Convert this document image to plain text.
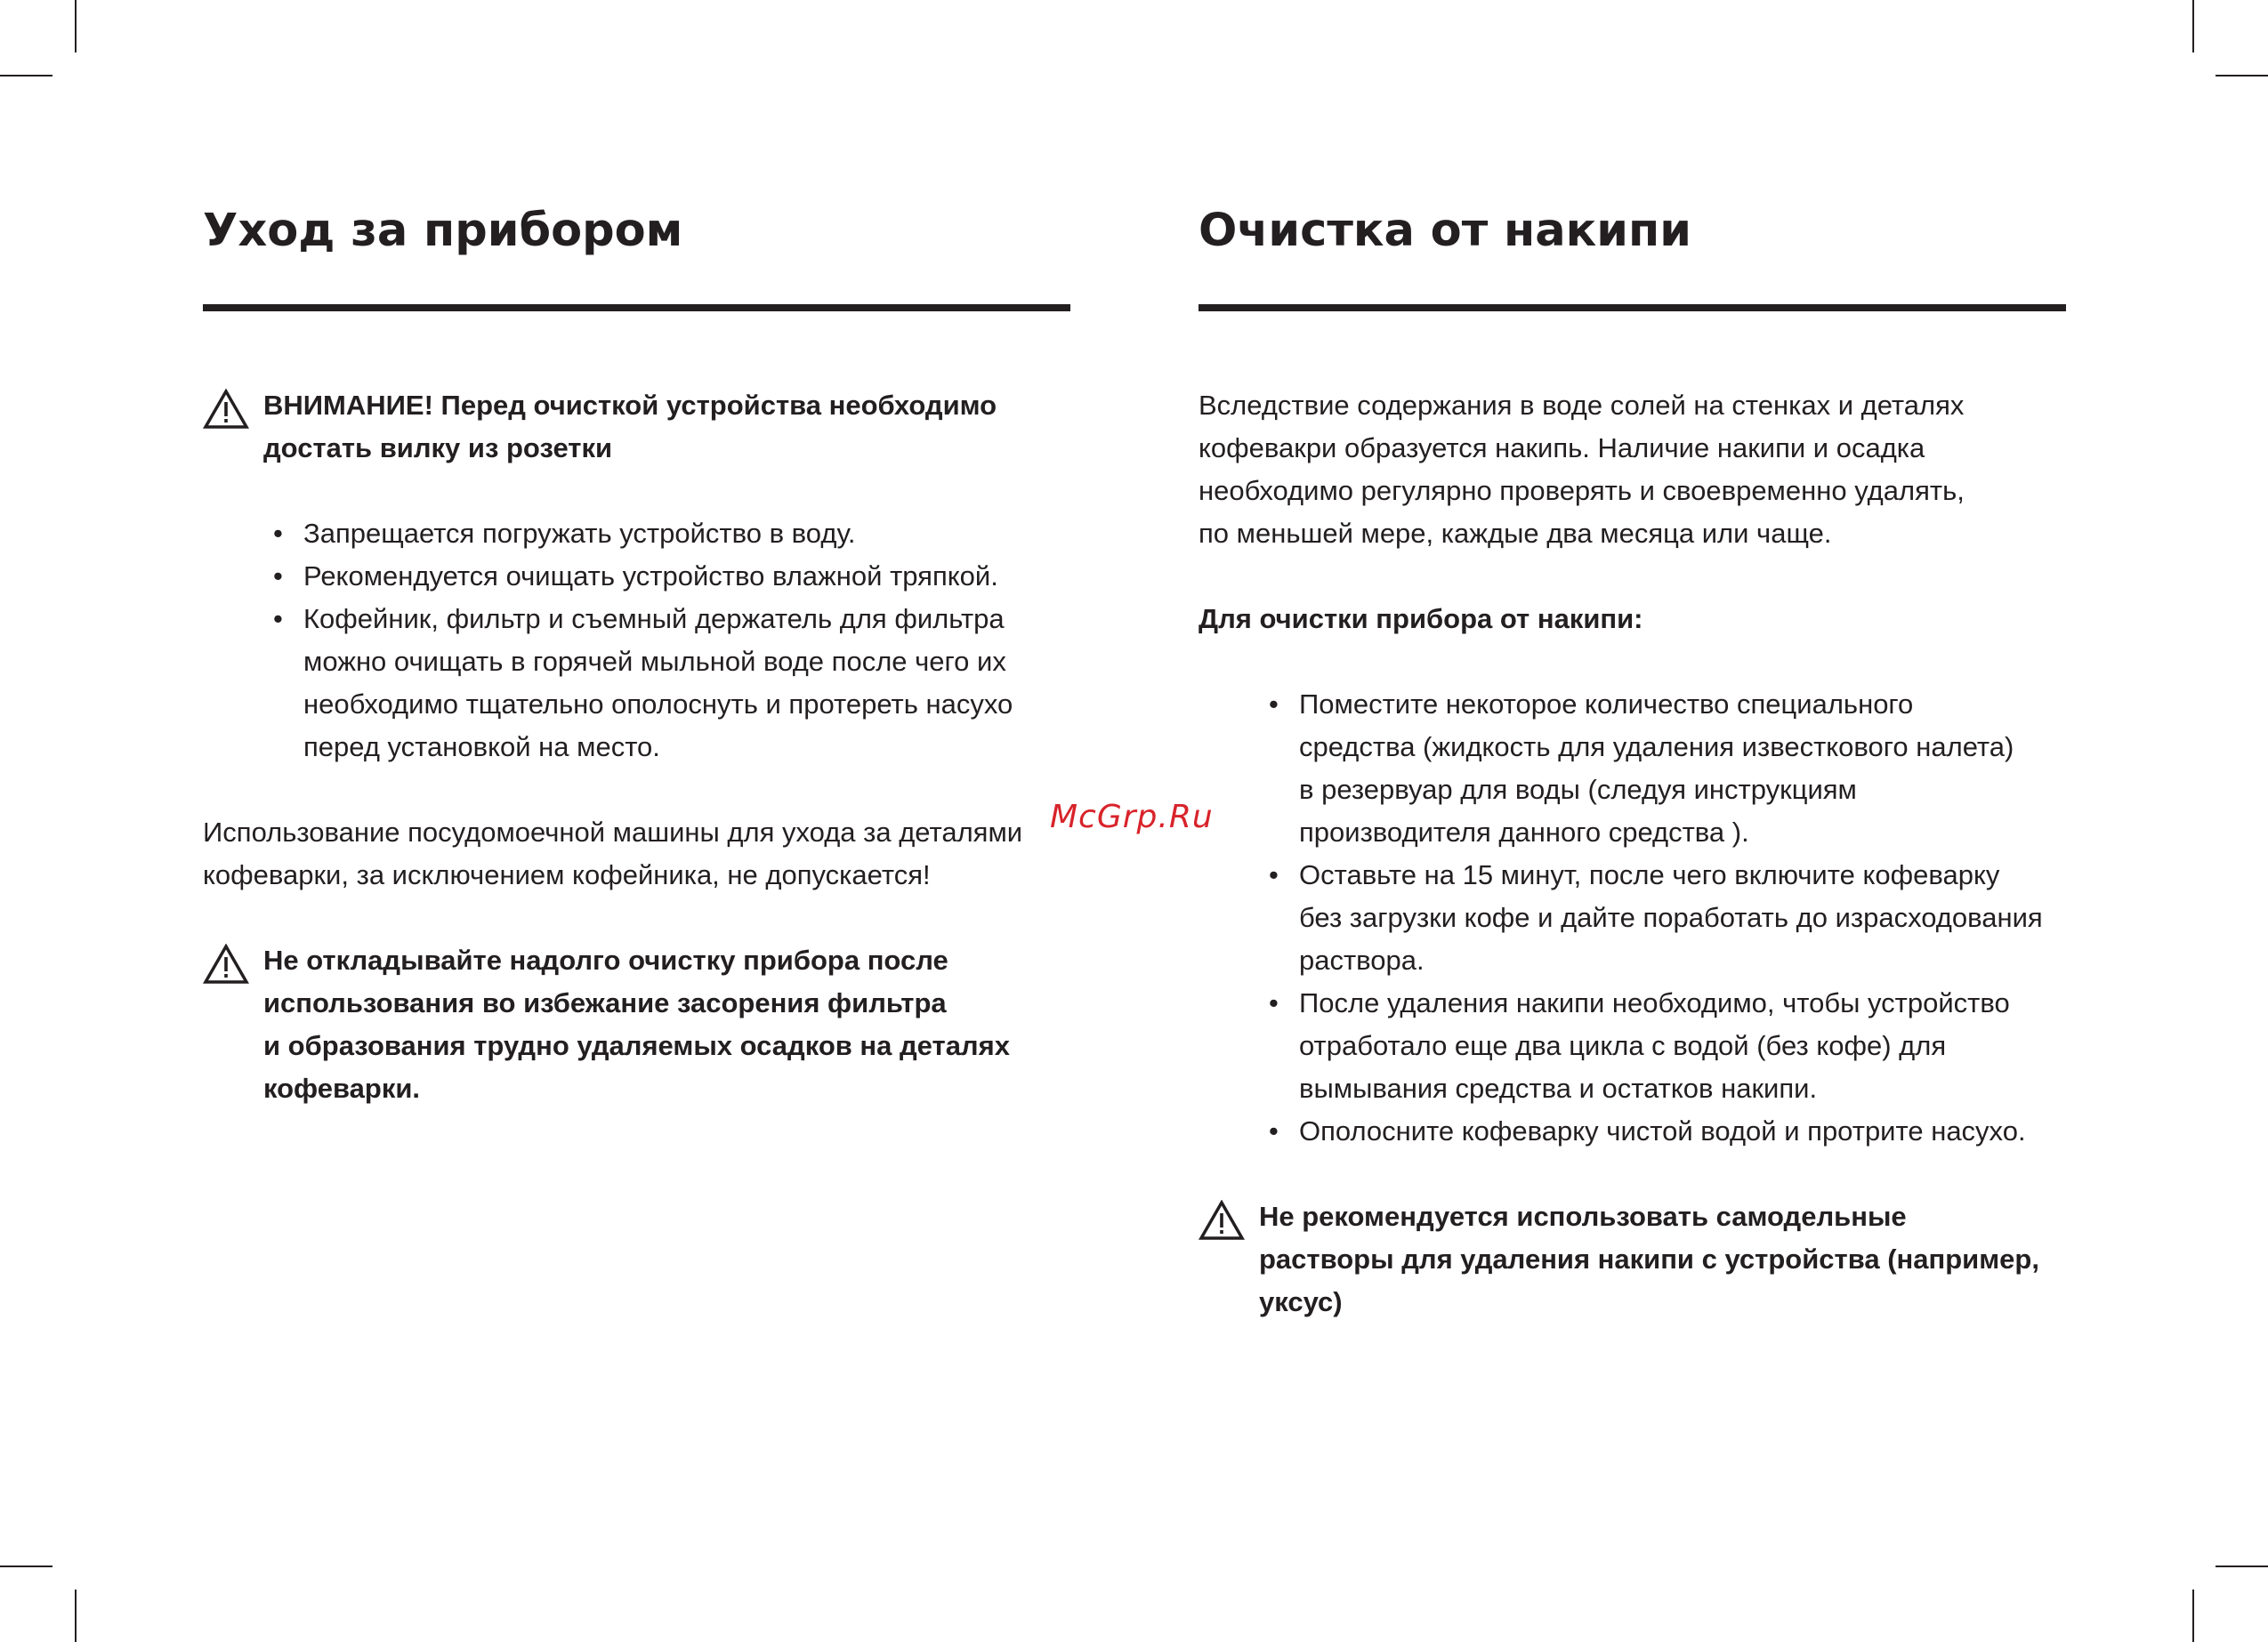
Уход за прибором

ВНИМАНИЕ! Перед очисткой устройства необходимо

достать вилку из розетки

• Запрещается погружать устройство в воду.
• Рекомендуется очищать устройство влажной тряпкой.
• Кофейник, фильтр и съемный держатель для фильтра
можно очищать в горячей мыльной воде после чего их
необходимо тщательно ополоснуть и протереть насухо
перед установкой на место.

Использование посудомоечной машины для ухода за деталями

кофеварки, за исключением кофейника, не допускается!

Не откладывайте надолго очистку прибора после

использования во избежание засорения фильтра

и образования трудно удаляемых осадков на деталях

кофеварки.

Очистка от накипи

Вследствие содержания в воде солей на стенках и деталях

кофевакри образуется накипь. Наличие накипи и осадка

необходимо регулярно проверять и своевременно удалять,

по меньшей мере, каждые два месяца или чаще.

Для очистки прибора от накипи:

• Поместите некоторое количество специального
средства (жидкость для удаления известкового налета)
в резервуар для воды (следуя инструкциям
производителя данного средства ).
• Оставьте на 15 минут, после чего включите кофеварку
без загрузки кофе и дайте поработать до израсходования
раствора.
• После удаления накипи необходимо, чтобы устройство
отработало еще два цикла с водой (без кофе) для
вымывания средства и остатков накипи.
• Ополосните кофеварку чистой водой и протрите насухо.

Не рекомендуется использовать самодельные

растворы для удаления накипи с устройства (например,

уксус)

McGrp.Ru
